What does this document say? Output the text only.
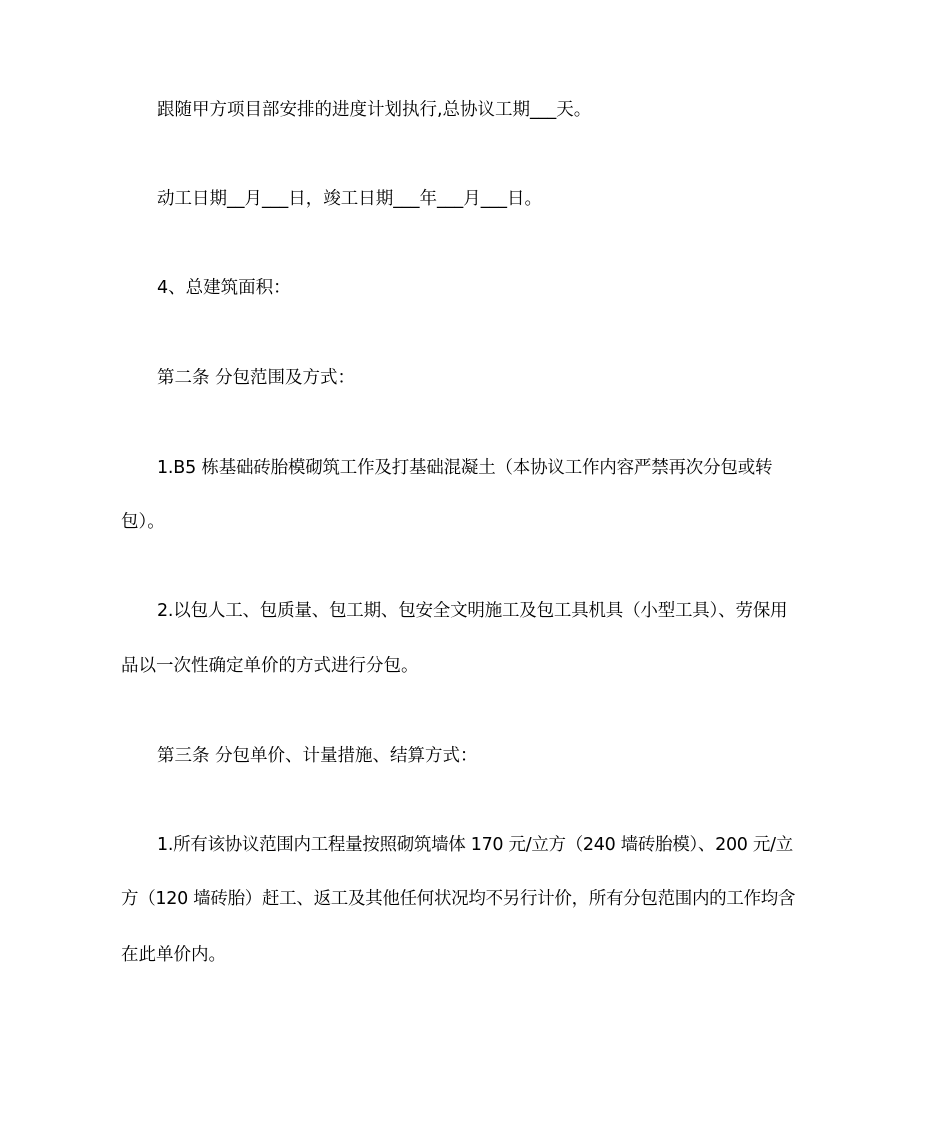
跟随甲方项目部安排的进度计划执行,总协议工期___天。
动工日期__月___日，竣工日期___年___月___日。
4、总建筑面积：
第二条 分包范围及方式：
1.B5 栋基础砖胎模砌筑工作及打基础混凝土（本协议工作内容严禁再次分包或转
包）。
2.以包人工、包质量、包工期、包安全文明施工及包工具机具（小型工具）、劳保用
品以一次性确定单价的方式进行分包。
第三条 分包单价、计量措施、结算方式：
1.所有该协议范围内工程量按照砌筑墙体 170 元/立方（240 墙砖胎模）、200 元/立
方（120 墙砖胎）赶工、返工及其他任何状况均不另行计价，所有分包范围内的工作均含
在此单价内。
